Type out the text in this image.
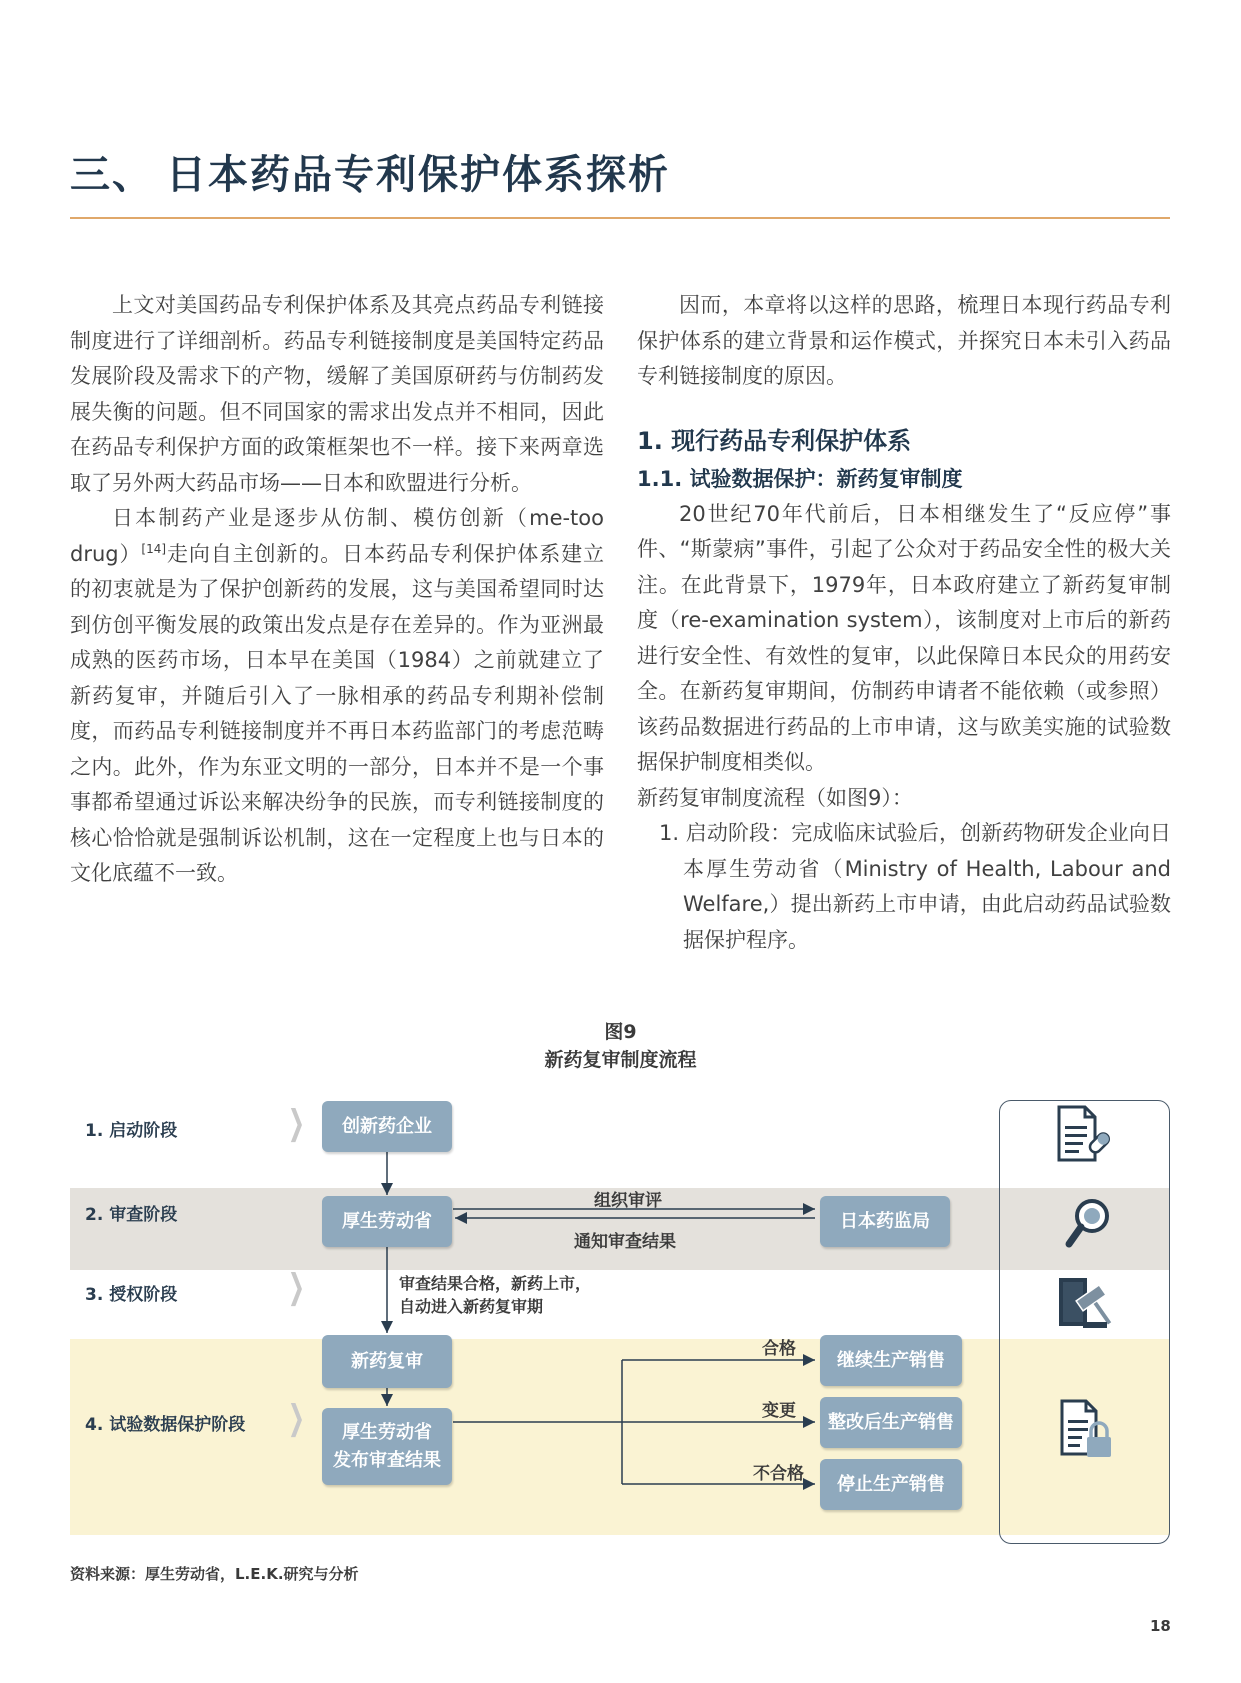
三、 日本药品专利保护体系探析

上文对美国药品专利保护体系及其亮点药品专利链接制度进行了详细剖析。药品专利链接制度是美国特定药品发展阶段及需求下的产物，缓解了美国原研药与仿制药发展失衡的问题。但不同国家的需求出发点并不相同，因此在药品专利保护方面的政策框架也不一样。接下来两章选取了另外两大药品市场——日本和欧盟进行分析。

日本制药产业是逐步从仿制、模仿创新（me-too drug）[14]走向自主创新的。日本药品专利保护体系建立的初衷就是为了保护创新药的发展，这与美国希望同时达到仿创平衡发展的政策出发点是存在差异的。作为亚洲最成熟的医药市场，日本早在美国（1984）之前就建立了新药复审，并随后引入了一脉相承的药品专利期补偿制度，而药品专利链接制度并不再日本药监部门的考虑范畴之内。此外，作为东亚文明的一部分，日本并不是一个事事都希望通过诉讼来解决纷争的民族，而专利链接制度的核心恰恰就是强制诉讼机制，这在一定程度上也与日本的文化底蕴不一致。

因而，本章将以这样的思路，梳理日本现行药品专利保护体系的建立背景和运作模式，并探究日本未引入药品专利链接制度的原因。

1. 现行药品专利保护体系
1.1. 试验数据保护：新药复审制度

20世纪70年代前后，日本相继发生了“反应停”事件、“斯蒙病”事件，引起了公众对于药品安全性的极大关注。在此背景下，1979年，日本政府建立了新药复审制度（re-examination system），该制度对上市后的新药进行安全性、有效性的复审，以此保障日本民众的用药安全。在新药复审期间，仿制药申请者不能依赖（或参照）该药品数据进行药品的上市申请，这与欧美实施的试验数据保护制度相类似。

新药复审制度流程（如图9）：

1. 启动阶段：完成临床试验后，创新药物研发企业向日本厚生劳动省（Ministry of Health, Labour and Welfare,）提出新药上市申请，由此启动药品试验数据保护程序。
图9
新药复审制度流程
1. 启动阶段
2. 审查阶段
3. 授权阶段
4. 试验数据保护阶段
❯
❯
❯
创新药企业
厚生劳动省	日本药监局
新药复审
厚生劳动省
发布审查结果
继续生产销售
整改后生产销售
停止生产销售
组织审评
通知审查结果
审查结果合格，新药上市，
自动进入新药复审期
合格
变更
不合格
资料来源：厚生劳动省，L.E.K.研究与分析
18
